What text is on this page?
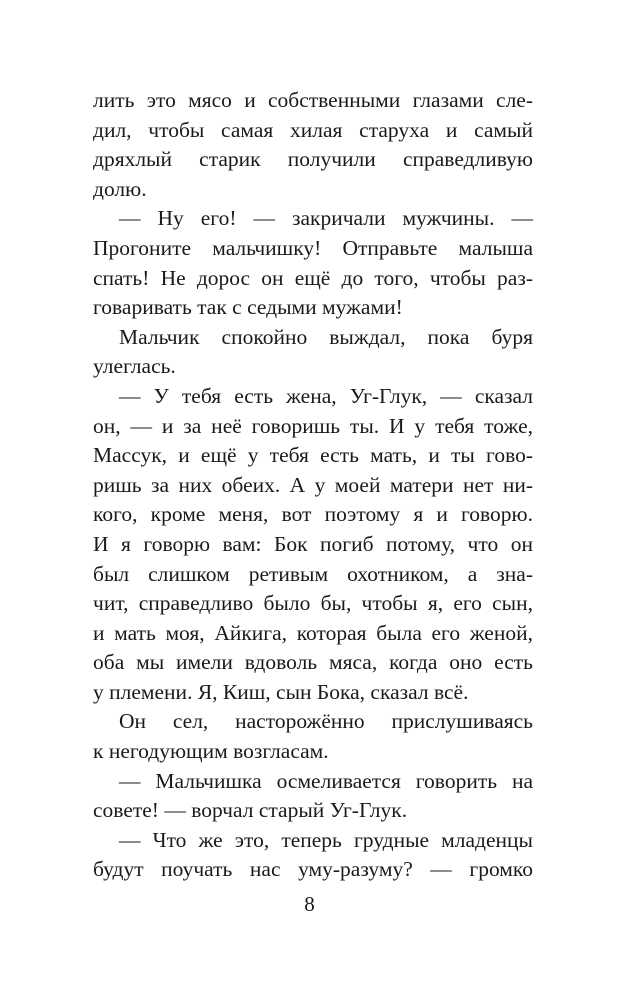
лить это мясо и собственными глазами сле-
дил, чтобы самая хилая старуха и самый
дряхлый старик получили справедливую
долю.
— Ну его! — закричали мужчины. —
Прогоните мальчишку! Отправьте малыша
спать! Не дорос он ещё до того, чтобы раз-
говаривать так с седыми мужами!
Мальчик спокойно выждал, пока буря
улеглась.
— У тебя есть жена, Уг-Глук, — сказал
он, — и за неё говоришь ты. И у тебя тоже,
Массук, и ещё у тебя есть мать, и ты гово-
ришь за них обеих. А у моей матери нет ни-
кого, кроме меня, вот поэтому я и говорю.
И я говорю вам: Бок погиб потому, что он
был слишком ретивым охотником, а зна-
чит, справедливо было бы, чтобы я, его сын,
и мать моя, Айкига, которая была его женой,
оба мы имели вдоволь мяса, когда оно есть
у племени. Я, Киш, сын Бока, сказал всё.
Он сел, насторожённо прислушиваясь
к негодующим возгласам.
— Мальчишка осмеливается говорить на
совете! — ворчал старый Уг-Глук.
— Что же это, теперь грудные младенцы
будут поучать нас уму-разуму? — громко
8
